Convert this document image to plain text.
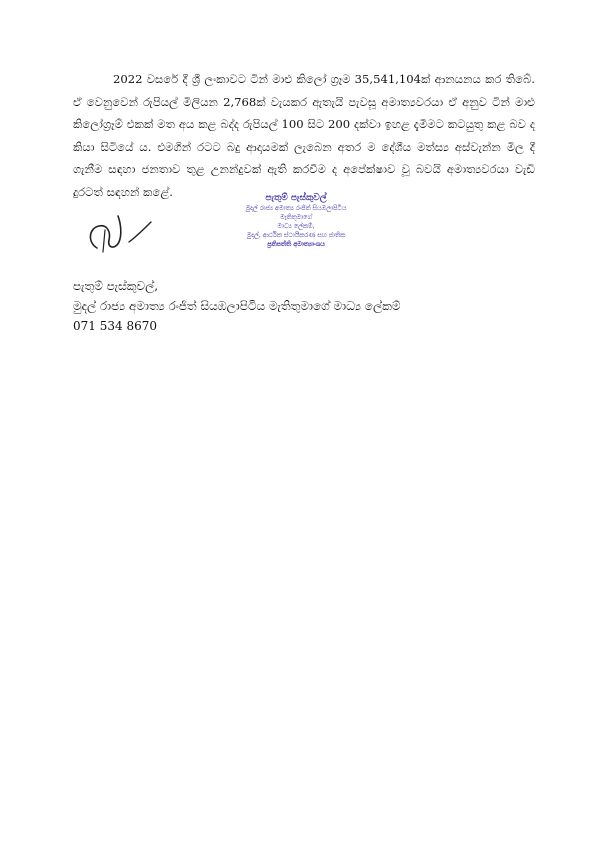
2022 වසරේ දී ශ්‍රී ලංකාවට ටින් මාළු කිලෝ ග්‍රෑම 35,541,104ක් ආනයනය කර තිබේ. ඒ වෙනුවෙන් රුපියල් මිලියන 2,768ක් වැයකර ඇතැයි පැවසූ අමාත්‍යවරයා ඒ අනුව ටින් මාළු කිලෝග්‍රෑම් එකක් මත අය කළ බද්ද රුපියල් 100 සිට 200 දක්වා ඉහළ දැමීමට කටයුතු කළ බව ද කියා සිටියේ ය. එමගින් රටට බදු ආදායමක් ලැබෙන අතර ම දේශීය මත්ස්‍ය අස්වැන්න මිල දී ගැනීම සඳහා ජනතාව තුළ උනන්දුවක් ඇති කරවීම ද අපේක්ෂාව වූ බවයි අමාත්‍යවරයා වැඩි දුරටත් සඳහන් කළේ.	පැතුම් පැස්කුවල්
මුදල් රාජ්‍ය අමාත්‍ය රංජිත් සියඹලාපිටිය
මැතිතුමාගේ
මාධ්‍ය ලේකම්,
මුදල්, ආර්ථික ස්ථායීකරණ සහ ජාතික
ප්‍රතිපත්ති අමාත්‍යාංශය
පැතුම් පැස්කුවල්,
මුදල් රාජ්‍ය අමාත්‍ය රංජිත් සියඹලාපිටිය මැතිතුමාගේ මාධ්‍ය ලේකම්
071 534 8670
